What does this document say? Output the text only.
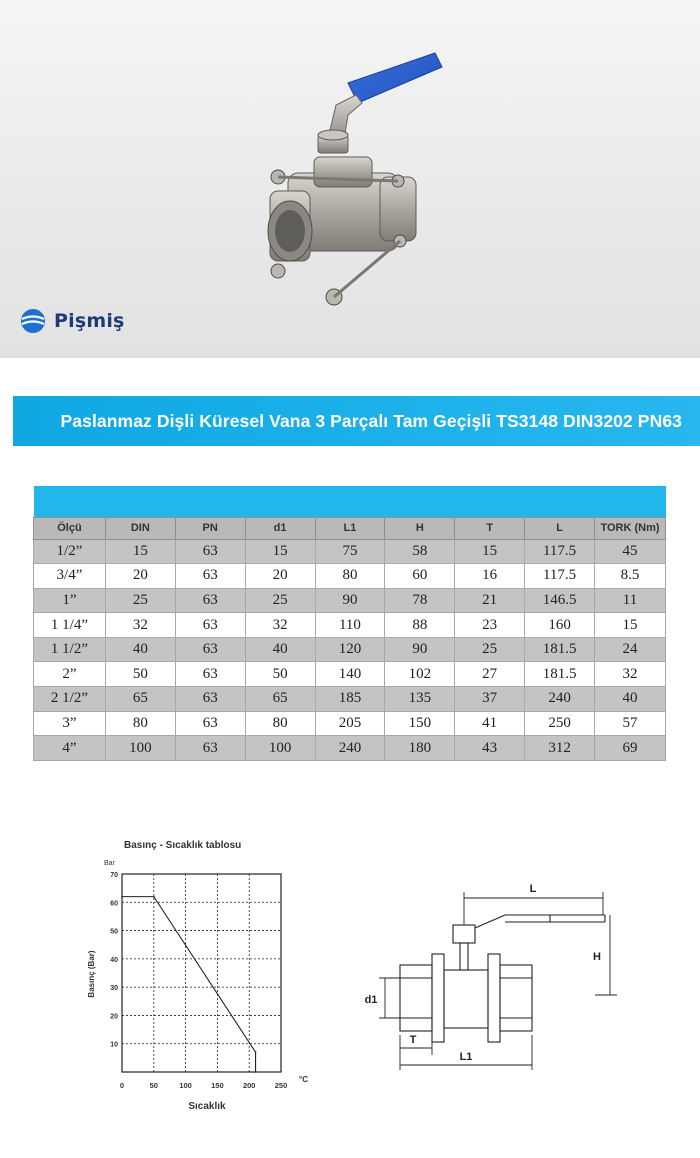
Pişmiş
Paslanmaz Dişli Küresel Vana 3 Parçalı Tam Geçişli TS3148 DIN3202 PN63

Ölçü	DIN	PN	d1	L1	H	T	L	TORK (Nm)
1/2”	15	63	15	75	58	15	117.5	45
3/4”	20	63	20	80	60	16	117.5	8.5
1”	25	63	25	90	78	21	146.5	11
1 1/4”	32	63	32	110	88	23	160	15
1 1/2”	40	63	40	120	90	25	181.5	24
2”	50	63	50	140	102	27	181.5	32
2 1/2”	65	63	65	185	135	37	240	40
3”	80	63	80	205	150	41	250	57
4”	100	63	100	240	180	43	312	69
Basınç - Sıcaklık tablosu
Bar
Basınç (Bar)
°C
Sıcaklık
10
20
30
40
50
60
70
0	50	100	150	200	250
L
H
d1
T
L1
